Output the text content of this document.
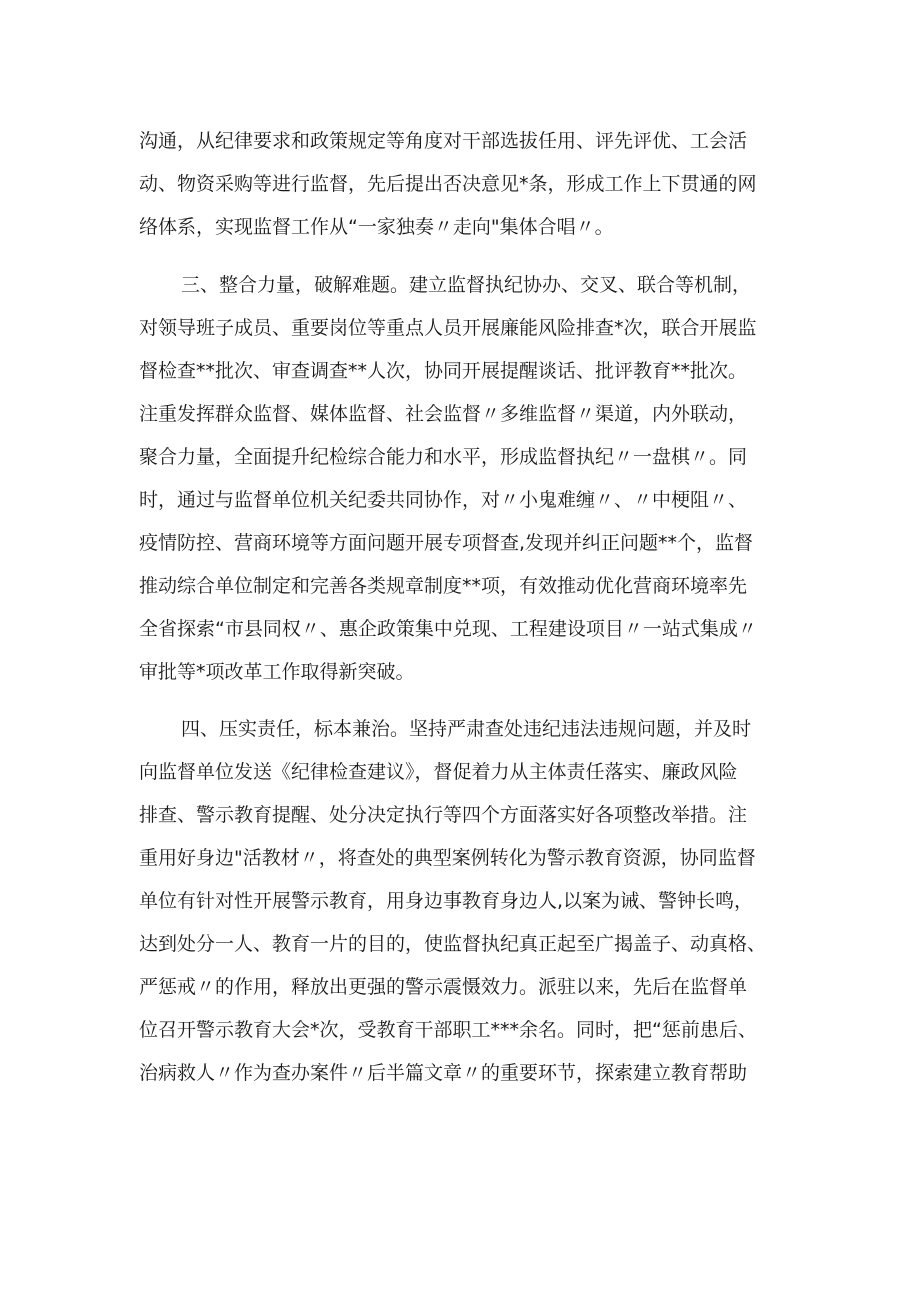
沟通，从纪律要求和政策规定等角度对干部选拔任用、评先评优、工会活
动、物资采购等进行监督，先后提出否决意见*条，形成工作上下贯通的网
络体系，实现监督工作从“一家独奏〃走向"集体合唱〃。
三、整合力量，破解难题。建立监督执纪协办、交叉、联合等机制，
对领导班子成员、重要岗位等重点人员开展廉能风险排查*次，联合开展监
督检查**批次、审查调查**人次，协同开展提醒谈话、批评教育**批次。
注重发挥群众监督、媒体监督、社会监督〃多维监督〃渠道，内外联动，
聚合力量，全面提升纪检综合能力和水平，形成监督执纪〃一盘棋〃。同
时，通过与监督单位机关纪委共同协作，对〃小鬼难缠〃、〃中梗阻〃、
疫情防控、营商环境等方面问题开展专项督查,发现并纠正问题**个，监督
推动综合单位制定和完善各类规章制度**项，有效推动优化营商环境率先
全省探索“市县同权〃、惠企政策集中兑现、工程建设项目〃一站式集成〃
审批等*项改革工作取得新突破。
四、压实责任，标本兼治。坚持严肃查处违纪违法违规问题，并及时
向监督单位发送《纪律检查建议》，督促着力从主体责任落实、廉政风险
排查、警示教育提醒、处分决定执行等四个方面落实好各项整改举措。注
重用好身边"活教材〃，将查处的典型案例转化为警示教育资源，协同监督
单位有针对性开展警示教育，用身边事教育身边人,以案为诫、警钟长鸣，
达到处分一人、教育一片的目的，使监督执纪真正起至广揭盖子、动真格、
严惩戒〃的作用，释放出更强的警示震慑效力。派驻以来，先后在监督单
位召开警示教育大会*次，受教育干部职工***余名。同时，把“惩前患后、
治病救人〃作为查办案件〃后半篇文章〃的重要环节，探索建立教育帮助
